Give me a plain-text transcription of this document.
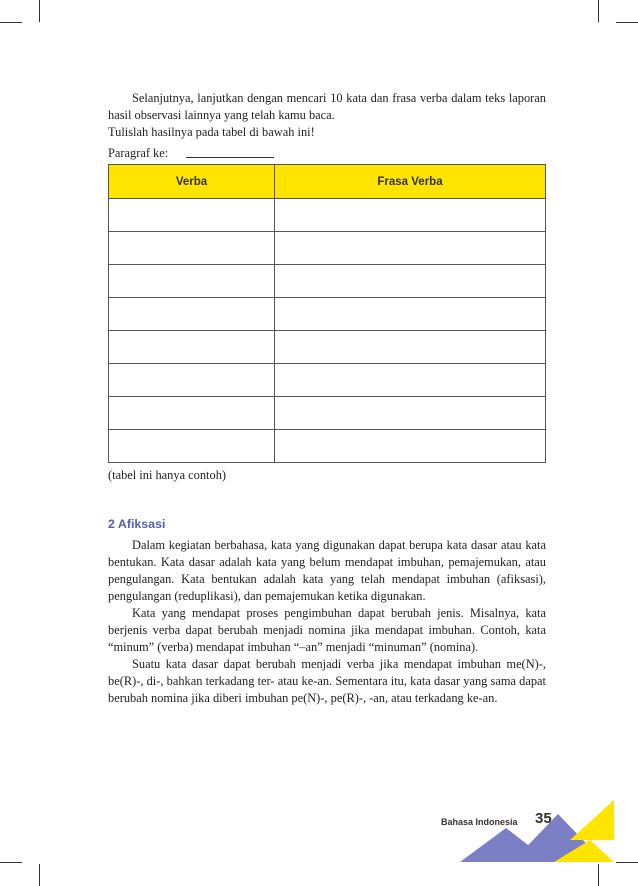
Selanjutnya, lanjutkan dengan mencari 10 kata dan frasa verba dalam teks laporan hasil observasi lainnya yang telah kamu baca.

Tulislah hasilnya pada tabel di bawah ini!

Paragraf ke:
Verba	Frasa Verba

(tabel ini hanya contoh)
2 Afiksasi

Dalam kegiatan berbahasa, kata yang digunakan dapat berupa kata dasar atau kata bentukan. Kata dasar adalah kata yang belum mendapat imbuhan, pemajemukan, atau pengulangan. Kata bentukan adalah kata yang telah mendapat imbuhan (afiksasi), pengulangan (reduplikasi), dan pemajemukan ketika digunakan.

Kata yang mendapat proses pengimbuhan dapat berubah jenis. Misalnya, kata berjenis verba dapat berubah menjadi nomina jika mendapat imbuhan. Contoh, kata “minum” (verba) mendapat imbuhan “–an” menjadi “minuman” (nomina).

Suatu kata dasar dapat berubah menjadi verba jika mendapat imbuhan me(N)-, be(R)-, di-, bahkan terkadang ter- atau ke-an. Sementara itu, kata dasar yang sama dapat berubah nomina jika diberi imbuhan pe(N)-, pe(R)-, -an, atau terkadang ke-an.

Bahasa Indonesia 35
